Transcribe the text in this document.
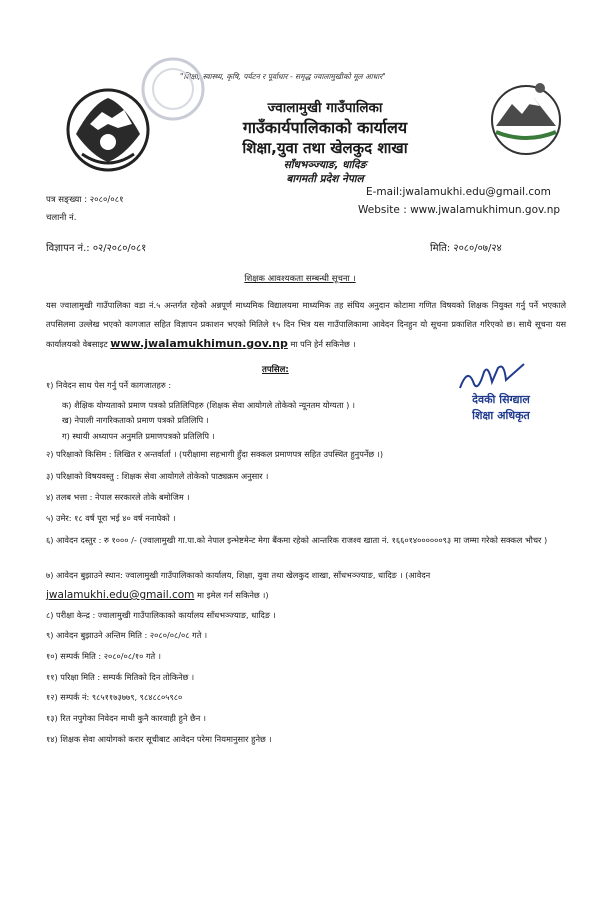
"शिक्षा, स्वास्थ्य, कृषि, पर्यटन र पूर्वाधार - समृद्ध ज्वालामुखीको मूल आधार"
ज्वालामुखी गाउँपालिका
गाउँकार्यपालिकाको कार्यालय
शिक्षा,युवा तथा खेलकुद शाखा
साँधभञ्ज्याङ, धादिङ
बागमती प्रदेश नेपाल
पत्र सङ्ख्या : २०८०/०८१
चलानी नं.
E-mail:jwalamukhi.edu@gmail.com
Website : www.jwalamukhimun.gov.np
विज्ञापन नं.: ०२/२०८०/०८१	मिति: २०८०/०७/२४
शिक्षक आवश्यकता सम्बन्धी सूचना ।
यस ज्वालामुखी गाउँपालिका वडा नं.५ अन्तर्गत रहेको अन्नपूर्ण माध्यमिक विद्यालयमा माध्यमिक तह संघिय अनुदान कोटामा गणित विषयको शिक्षक नियुक्त गर्नु पर्ने भएकाले तपसिलमा उल्लेख भएको कागजात सहित विज्ञापन प्रकाशन भएको मितिले १५ दिन भित्र यस गाउँपालिकामा आवेदन दिनहुन यो सूचना प्रकाशित गरिएको छ। साथै सूचना यस कार्यालयको वेबसाइट www.jwalamukhimun.gov.np मा पनि हेर्न सकिनेछ ।
तपसिल:
देवकी सिग्द्याल
शिक्षा अधिकृत
१) निवेदन साथ पेस गर्नु पर्ने कागजातहरु :
क) शैक्षिक योग्यताको प्रमाण पत्रको प्रतिलिपिहरु (शिक्षक सेवा आयोगले तोकेको न्यूनतम योग्यता ) ।
ख) नेपाली नागरिकताको प्रमाण पत्रको प्रतिलिपि ।
ग) स्थायी अध्यापन अनुमति प्रमाणपत्रको प्रतिलिपि ।
२) परिक्षाको किसिम : लिखित र अन्तर्वार्ता । (परीक्षामा सहभागी हुँदा सक्कल प्रमाणपत्र सहित उपस्थित हुनुपर्नेछ ।)
३) परिक्षाको विषयवस्तु : शिक्षक सेवा आयोगले तोकेको पाठ्यक्रम अनुसार ।
४) तलब भत्ता : नेपाल सरकारले तोके बमोजिम ।
५) उमेर: १८ वर्ष पूरा भई ४० वर्ष ननाघेको ।
६) आवेदन दस्तुर : रु १००० /- (ज्वालामुखी गा.पा.को नेपाल इन्भेष्टमेन्ट मेगा बैंकमा रहेको आन्तरिक राजश्व खाता नं. १६६०१४००००००९३ मा जम्मा गरेको सक्कल भौचर )
७) आवेदन बुझाउने स्थान: ज्वालामुखी गाउँपालिकाको कार्यालय, शिक्षा, युवा तथा खेलकुद शाखा, साँधभञ्ज्याङ, धादिङ । (आवेदन
jwalamukhi.edu@gmail.com मा इमेल गर्न सकिनेछ ।)
८) परीक्षा केन्द्र : ज्वालामुखी गाउँपालिकाको कार्यालय साँधभञ्ज्याङ, धादिङ ।
९) आवेदन बुझाउने अन्तिम मिति : २०८०/०८/०८ गते ।
१०) सम्पर्क मिति : २०८०/०८/१० गते ।
११) परिक्षा मिति : सम्पर्क मितिको दिन तोकिनेछ ।
१२) सम्पर्क नं: ९८५११७३७७९, ९८४८८०५९८०
१३) रित नपुगेका निवेदन माथी कुनै कारवाही हुने छैन ।
१४) शिक्षक सेवा आयोगको करार सूचीबाट आवेदन परेमा नियमानुसार हुनेछ ।
